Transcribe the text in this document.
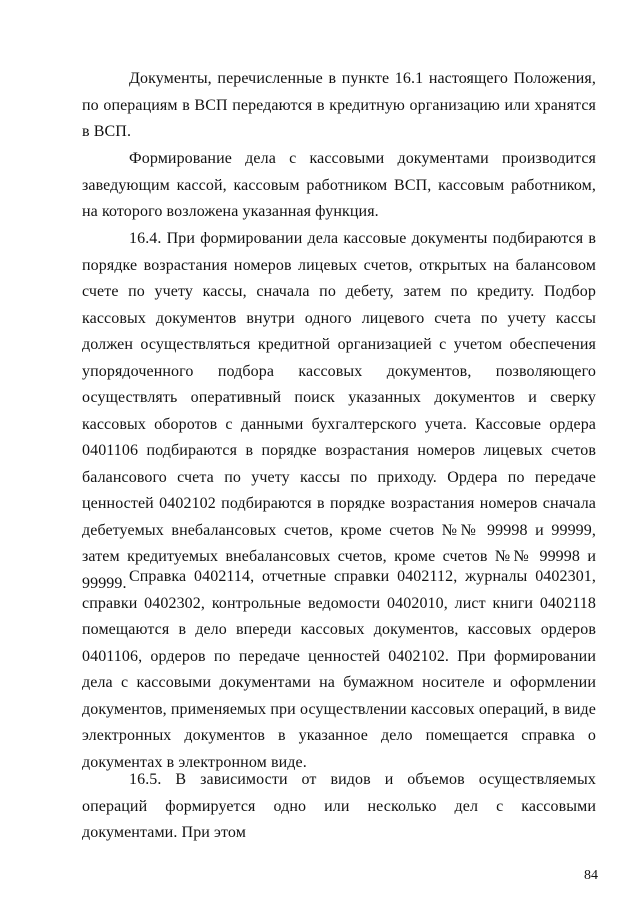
Документы, перечисленные в пункте 16.1 настоящего Положения, по операциям в ВСП передаются в кредитную организацию или хранятся в ВСП.

Формирование дела с кассовыми документами производится заведующим кассой, кассовым работником ВСП, кассовым работником, на которого возложена указанная функция.

16.4. При формировании дела кассовые документы подбираются в порядке возрастания номеров лицевых счетов, открытых на балансовом счете по учету кассы, сначала по дебету, затем по кредиту. Подбор кассовых документов внутри одного лицевого счета по учету кассы должен осуществляться кредитной организацией с учетом обеспечения упорядоченного подбора кассовых документов, позволяющего осуществлять оперативный поиск указанных документов и сверку кассовых оборотов с данными бухгалтерского учета. Кассовые ордера 0401106 подбираются в порядке возрастания номеров лицевых счетов балансового счета по учету кассы по приходу. Ордера по передаче ценностей 0402102 подбираются в порядке возрастания номеров сначала дебетуемых внебалансовых счетов, кроме счетов №№ 99998 и 99999, затем кредитуемых внебалансовых счетов, кроме счетов №№ 99998 и 99999. Справка 0402114, отчетные справки 0402112, журналы 0402301, справки 0402302, контрольные ведомости 0402010, лист книги 0402118 помещаются в дело впереди кассовых документов, кассовых ордеров 0401106, ордеров по передаче ценностей 0402102. При формировании дела с кассовыми документами на бумажном носителе и оформлении документов, применяемых при осуществлении кассовых операций, в виде электронных документов в указанное дело помещается справка о документах в электронном виде.

16.5. В зависимости от видов и объемов осуществляемых операций формируется одно или несколько дел с кассовыми документами. При этом

84
